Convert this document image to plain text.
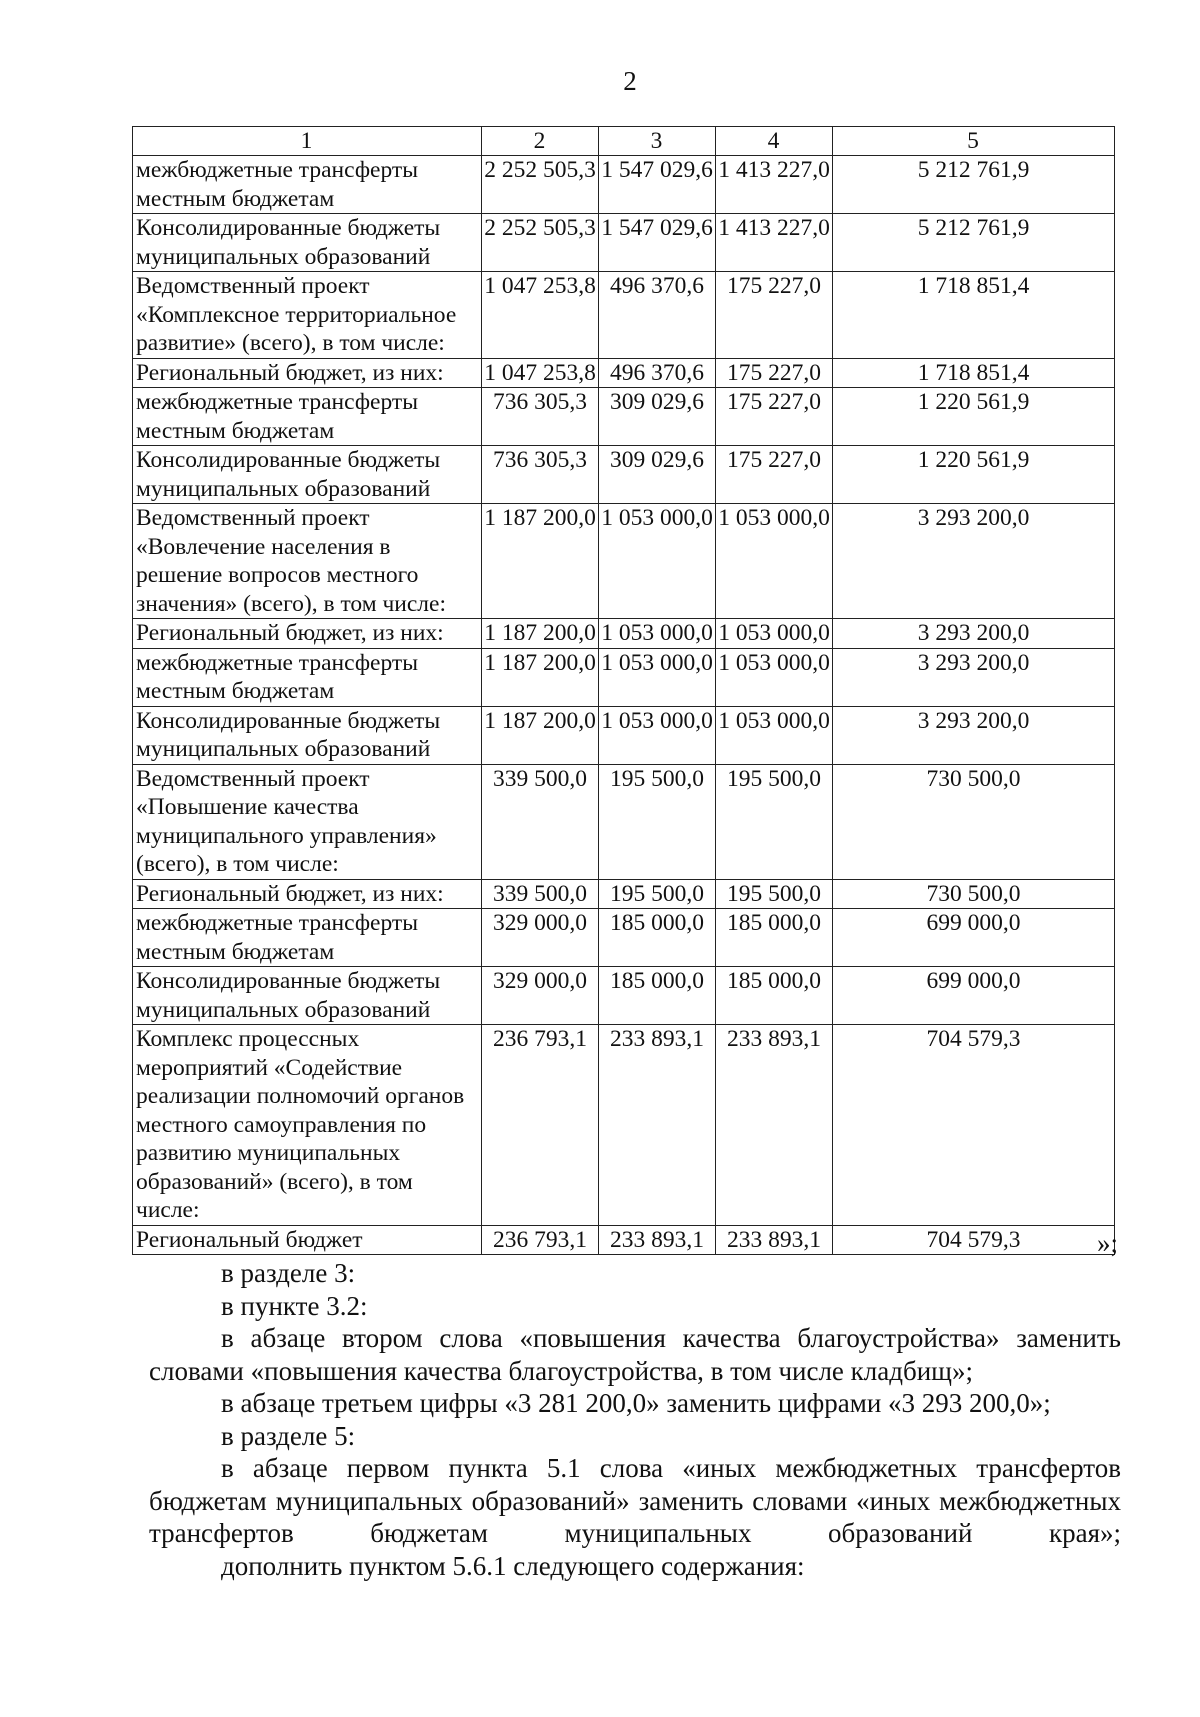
2
1	2	3	4	5
межбюджетные трансферты местным бюджетам	2 252 505,3	1 547 029,6	1 413 227,0	5 212 761,9
Консолидированные бюджеты муниципальных образований	2 252 505,3	1 547 029,6	1 413 227,0	5 212 761,9
Ведомственный проект «Комплексное территориальное развитие» (всего), в том числе:	1 047 253,8	496 370,6	175 227,0	1 718 851,4
Региональный бюджет, из них:	1 047 253,8	496 370,6	175 227,0	1 718 851,4
межбюджетные трансферты местным бюджетам	736 305,3	309 029,6	175 227,0	1 220 561,9
Консолидированные бюджеты муниципальных образований	736 305,3	309 029,6	175 227,0	1 220 561,9
Ведомственный проект «Вовлечение населения в решение вопросов местного значения» (всего), в том числе:	1 187 200,0	1 053 000,0	1 053 000,0	3 293 200,0
Региональный бюджет, из них:	1 187 200,0	1 053 000,0	1 053 000,0	3 293 200,0
межбюджетные трансферты местным бюджетам	1 187 200,0	1 053 000,0	1 053 000,0	3 293 200,0
Консолидированные бюджеты муниципальных образований	1 187 200,0	1 053 000,0	1 053 000,0	3 293 200,0
Ведомственный проект «Повышение качества муниципального управления» (всего), в том числе:	339 500,0	195 500,0	195 500,0	730 500,0
Региональный бюджет, из них:	339 500,0	195 500,0	195 500,0	730 500,0
межбюджетные трансферты местным бюджетам	329 000,0	185 000,0	185 000,0	699 000,0
Консолидированные бюджеты муниципальных образований	329 000,0	185 000,0	185 000,0	699 000,0
Комплекс процессных мероприятий «Содействие реализации полномочий органов местного самоуправления по развитию муниципальных образований» (всего), в том числе:	236 793,1	233 893,1	233 893,1	704 579,3
Региональный бюджет	236 793,1	233 893,1	233 893,1	704 579,3	»;

в разделе 3:

в пункте 3.2:

в абзаце втором слова «повышения качества благоустройства» заменить словами «повышения качества благоустройства, в том числе кладбищ»;

в абзаце третьем цифры «3 281 200,0» заменить цифрами «3 293 200,0»;

в разделе 5:

в абзаце первом пункта 5.1 слова «иных межбюджетных трансфертов бюджетам муниципальных образований» заменить словами «иных межбюджетных трансфертов бюджетам муниципальных образований края»;

дополнить пунктом 5.6.1 следующего содержания:
